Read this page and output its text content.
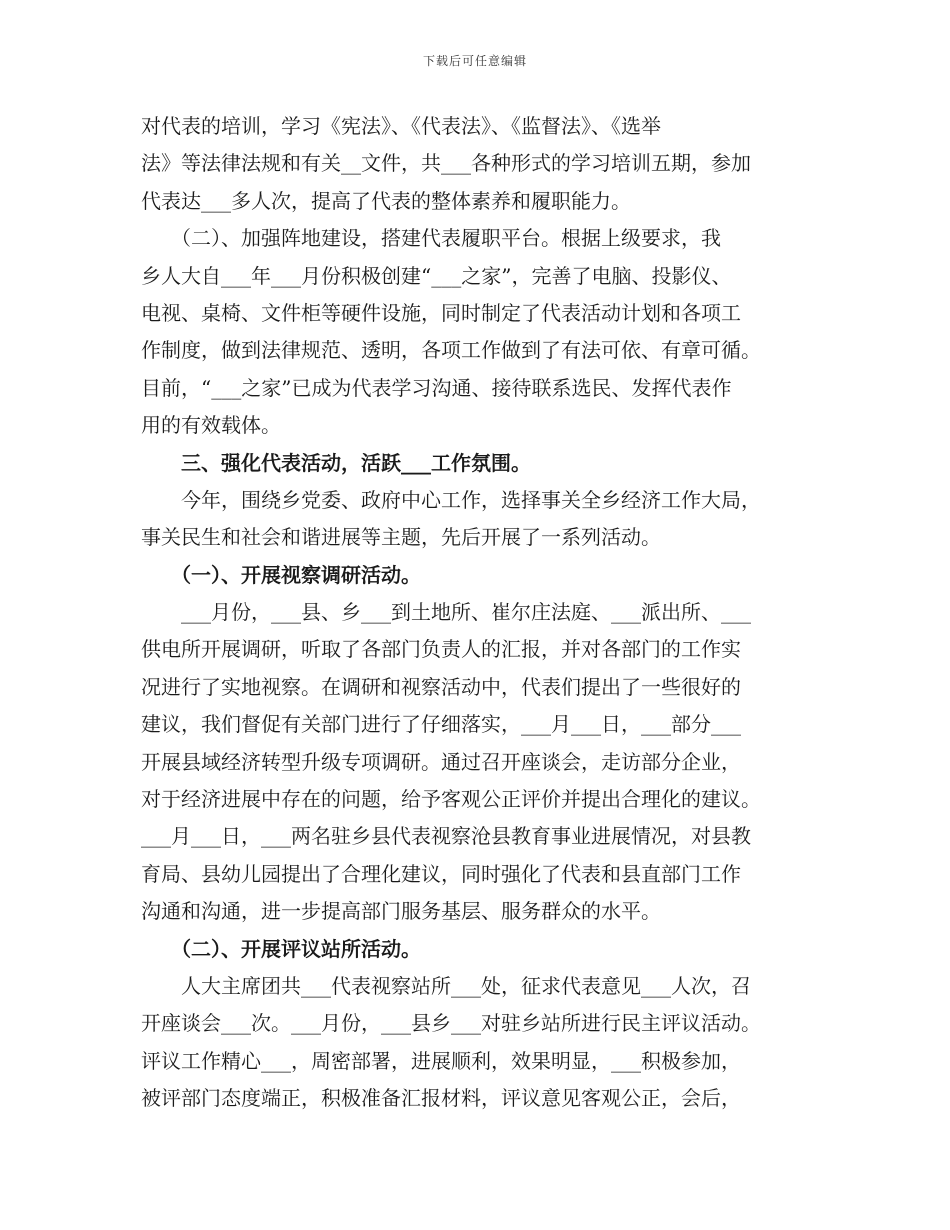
下载后可任意编辑
对代表的培训，学习《宪法》、《代表法》、《监督法》、《选举
法》等法律法规和有关__文件，共___各种形式的学习培训五期，参加
代表达___多人次，提高了代表的整体素养和履职能力。
　　（二）、加强阵地建设，搭建代表履职平台。根据上级要求，我
乡人大自___年___月份积极创建“___之家”，完善了电脑、投影仪、
电视、桌椅、文件柜等硬件设施，同时制定了代表活动计划和各项工
作制度，做到法律规范、透明，各项工作做到了有法可依、有章可循。
目前，“___之家”已成为代表学习沟通、接待联系选民、发挥代表作
用的有效载体。
　　三、强化代表活动，活跃___工作氛围。
　　今年，围绕乡党委、政府中心工作，选择事关全乡经济工作大局，
事关民生和社会和谐进展等主题，先后开展了一系列活动。
　　（一）、开展视察调研活动。
　　___月份，___县、乡___到土地所、崔尔庄法庭、___派出所、___
供电所开展调研，听取了各部门负责人的汇报，并对各部门的工作实
况进行了实地视察。在调研和视察活动中，代表们提出了一些很好的
建议，我们督促有关部门进行了仔细落实，___月___日，___部分___
开展县域经济转型升级专项调研。通过召开座谈会，走访部分企业，
对于经济进展中存在的问题，给予客观公正评价并提出合理化的建议。
___月___日，___两名驻乡县代表视察沧县教育事业进展情况，对县教
育局、县幼儿园提出了合理化建议，同时强化了代表和县直部门工作
沟通和沟通，进一步提高部门服务基层、服务群众的水平。
　　（二）、开展评议站所活动。
　　人大主席团共___代表视察站所___处，征求代表意见___人次，召
开座谈会___次。___月份，___县乡___对驻乡站所进行民主评议活动。
评议工作精心___，周密部署，进展顺利，效果明显，___积极参加，
被评部门态度端正，积极准备汇报材料，评议意见客观公正，会后，
